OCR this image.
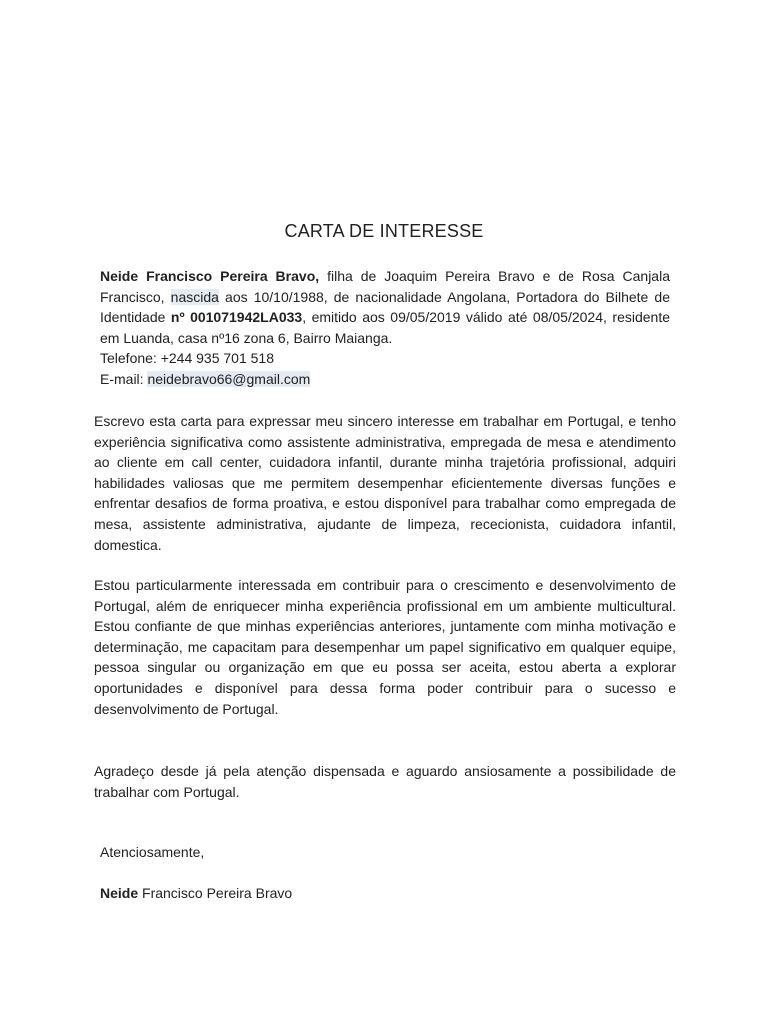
CARTA DE INTERESSE
Neide Francisco Pereira Bravo, filha de Joaquim Pereira Bravo e de Rosa Canjala Francisco, nascida aos 10/10/1988, de nacionalidade Angolana, Portadora do Bilhete de Identidade nº 001071942LA033, emitido aos 09/05/2019 válido até 08/05/2024, residente em Luanda, casa nº16 zona 6, Bairro Maianga.
Telefone: +244 935 701 518
E-mail: neidebravo66@gmail.com

Escrevo esta carta para expressar meu sincero interesse em trabalhar em Portugal, e tenho experiência significativa como assistente administrativa, empregada de mesa e atendimento ao cliente em call center, cuidadora infantil, durante minha trajetória profissional, adquiri habilidades valiosas que me permitem desempenhar eficientemente diversas funções e enfrentar desafios de forma proativa, e estou disponível para trabalhar como empregada de mesa, assistente administrativa, ajudante de limpeza, rececionista, cuidadora infantil, domestica.

Estou particularmente interessada em contribuir para o crescimento e desenvolvimento de Portugal, além de enriquecer minha experiência profissional em um ambiente multicultural. Estou confiante de que minhas experiências anteriores, juntamente com minha motivação e determinação, me capacitam para desempenhar um papel significativo em qualquer equipe, pessoa singular ou organização em que eu possa ser aceita, estou aberta a explorar oportunidades e disponível para dessa forma poder contribuir para o sucesso e desenvolvimento de Portugal.

Agradeço desde já pela atenção dispensada e aguardo ansiosamente a possibilidade de trabalhar com Portugal.

Atenciosamente,
Neide Francisco Pereira Bravo
